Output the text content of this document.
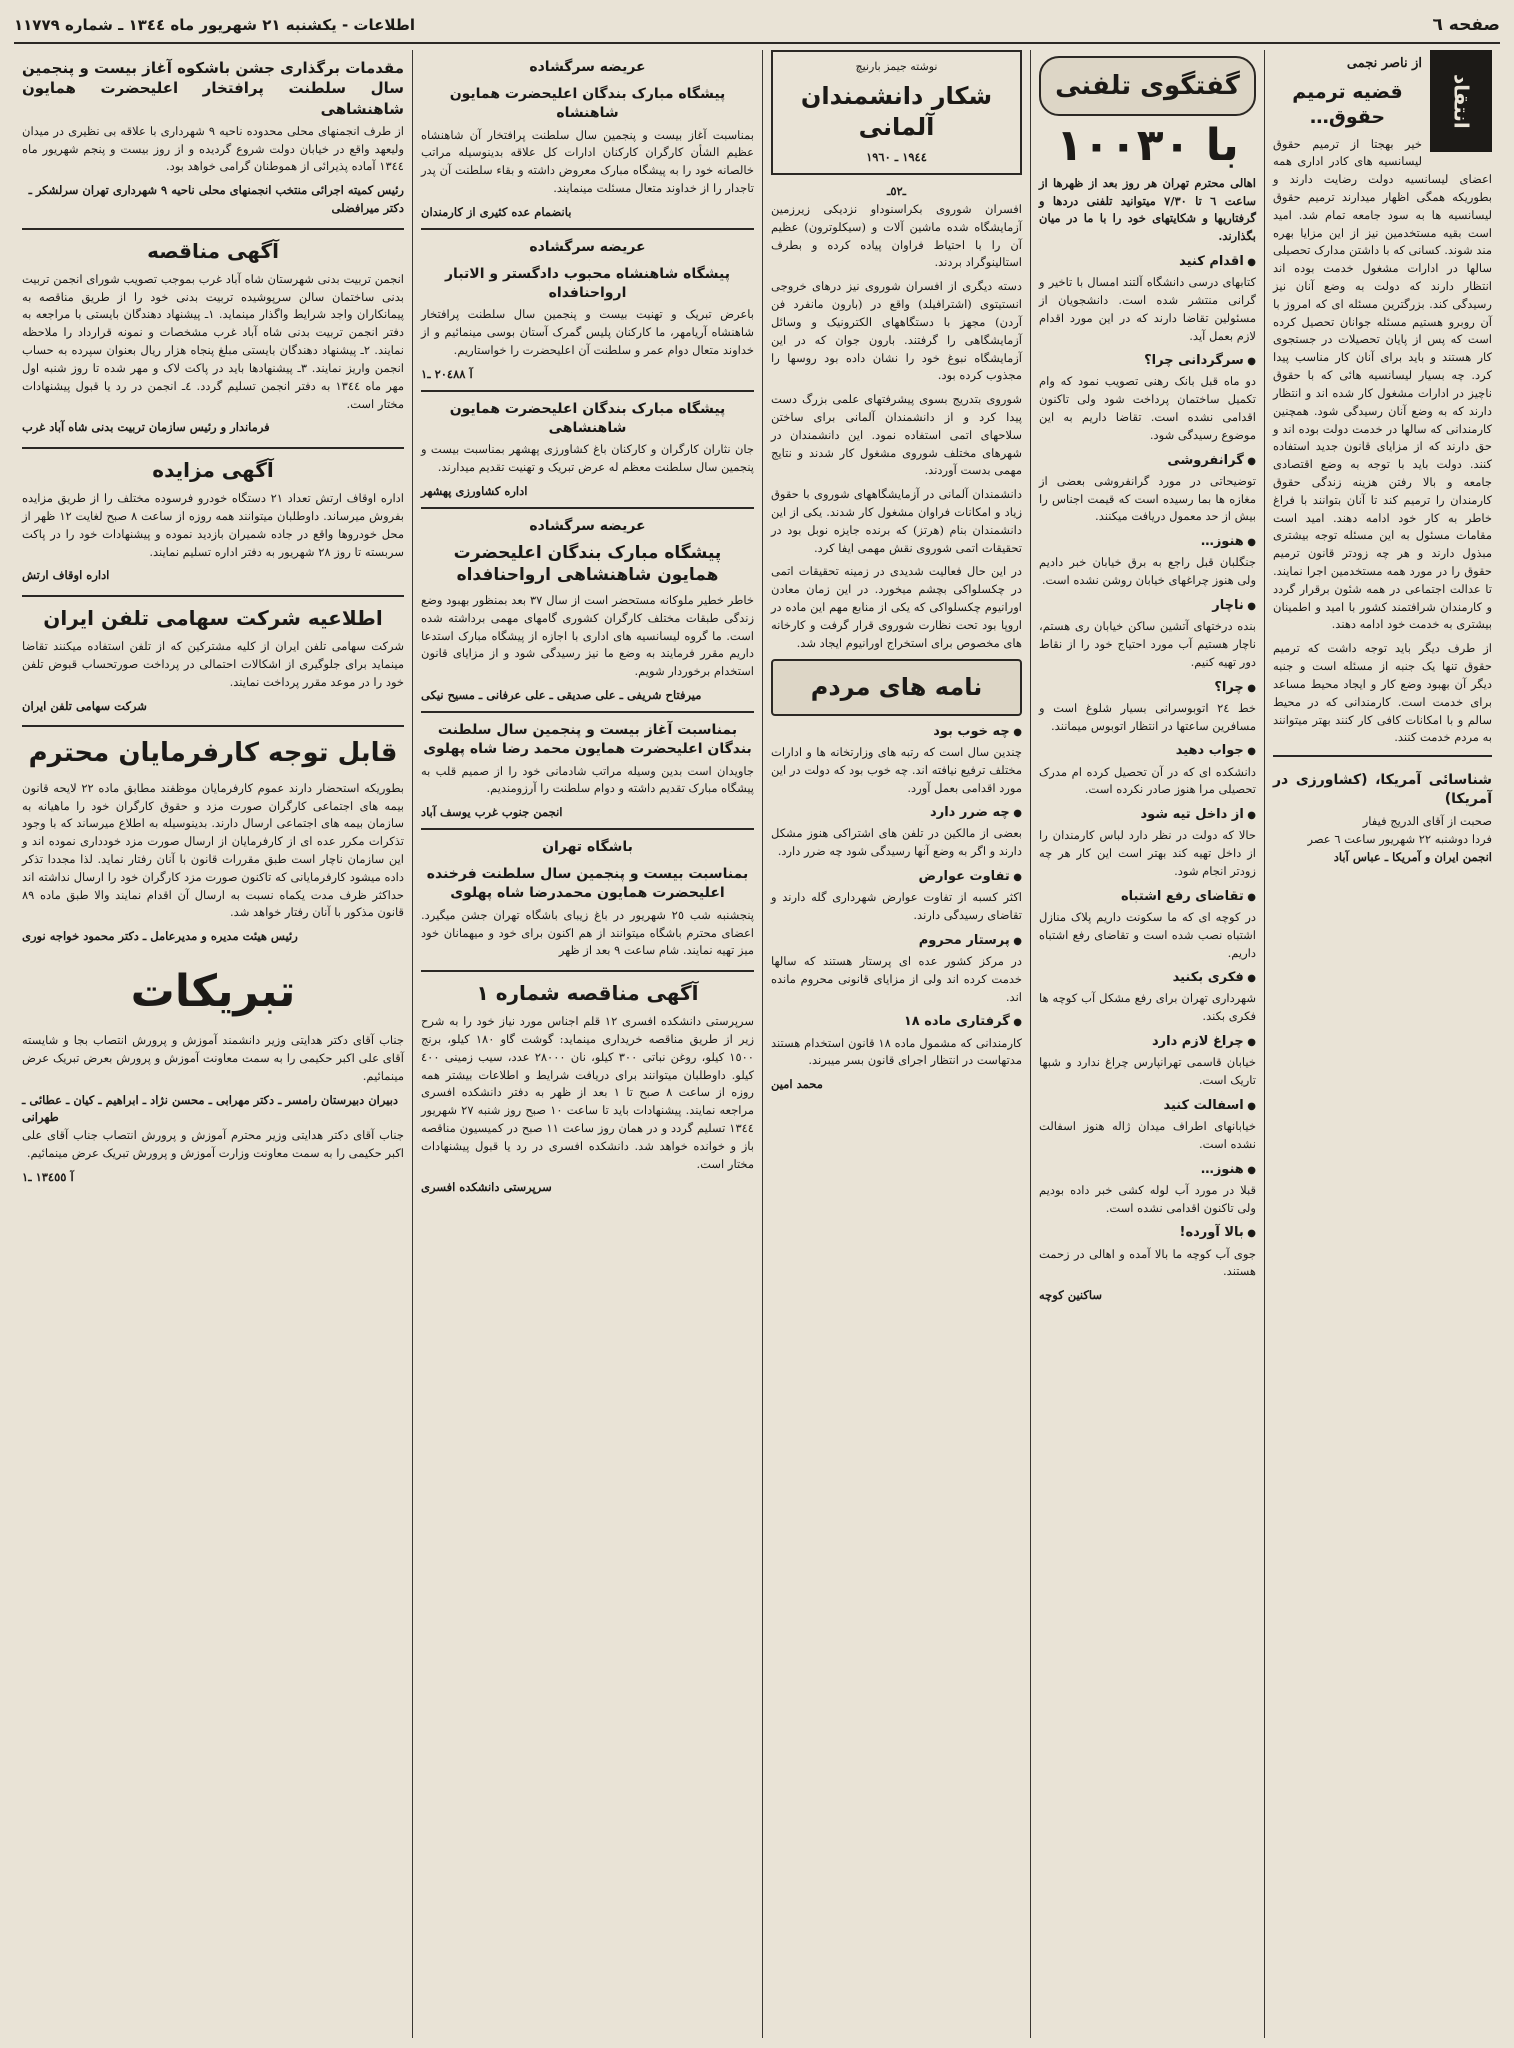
صفحه ٦
اطلاعات - یکشنبه ٢١ شهریور ماه ١٣٤٤ ـ شماره ١١٧٧٩
انتقاد
از ناصر نجمی
قضیه ترمیم حقوق…

خیر بهجتا از ترمیم حقوق لیسانسیه های کادر اداری همه اعضای لیسانسیه دولت رضایت دارند و بطوریکه همگی اظهار میدارند ترمیم حقوق لیسانسیه ها به سود جامعه تمام شد. امید است بقیه مستخدمین نیز از این مزایا بهره مند شوند. کسانی که با داشتن مدارک تحصیلی سالها در ادارات مشغول خدمت بوده اند انتظار دارند که دولت به وضع آنان نیز رسیدگی کند. بزرگترین مسئله ای که امروز با آن روبرو هستیم مسئله جوانان تحصیل کرده است که پس از پایان تحصیلات در جستجوی کار هستند و باید برای آنان کار مناسب پیدا کرد. چه بسیار لیسانسیه هائی که با حقوق ناچیز در ادارات مشغول کار شده اند و انتظار دارند که به وضع آنان رسیدگی شود. همچنین کارمندانی که سالها در خدمت دولت بوده اند و حق دارند که از مزایای قانون جدید استفاده کنند. دولت باید با توجه به وضع اقتصادی جامعه و بالا رفتن هزینه زندگی حقوق کارمندان را ترمیم کند تا آنان بتوانند با فراغ خاطر به کار خود ادامه دهند. امید است مقامات مسئول به این مسئله توجه بیشتری مبذول دارند و هر چه زودتر قانون ترمیم حقوق را در مورد همه مستخدمین اجرا نمایند. تا عدالت اجتماعی در همه شئون برقرار گردد و کارمندان شرافتمند کشور با امید و اطمینان بیشتری به خدمت خود ادامه دهند.

از طرف دیگر باید توجه داشت که ترمیم حقوق تنها یک جنبه از مسئله است و جنبه دیگر آن بهبود وضع کار و ایجاد محیط مساعد برای خدمت است. کارمندانی که در محیط سالم و با امکانات کافی کار کنند بهتر میتوانند به مردم خدمت کنند.

شناسائی آمریکا، (کشاورزی در آمریکا)
صحبت از آقای الدریج فیفار
فردا دوشنبه ٢٢ شهریور ساعت ٦ عصر
انجمن ایران و آمریکا ـ عباس آباد
گفتگوی تلفنی
با ١٠٠٣٠

اهالی محترم تهران هر روز بعد از ظهرها از ساعت ٦ تا ٧/٣٠ میتوانید تلفنی دردها و گرفتاریها و شکایتهای خود را با ما در میان بگذارند.

● اقدام کنید

کتابهای درسی دانشگاه آلتند امسال با تاخیر و گرانی منتشر شده است. دانشجویان از مسئولین تقاضا دارند که در این مورد اقدام لازم بعمل آید.

● سرگردانی چرا؟

دو ماه قبل بانک رهنی تصویب نمود که وام تکمیل ساختمان پرداخت شود ولی تاکنون اقدامی نشده است. تقاضا داریم به این موضوع رسیدگی شود.

● گرانفروشی

توضیحاتی در مورد گرانفروشی بعضی از مغازه ها بما رسیده است که قیمت اجناس را بیش از حد معمول دریافت میکنند.

● هنوز…

جنگلبان قبل راجع به برق خیابان خبر دادیم ولی هنوز چراغهای خیابان روشن نشده است.

● ناچار

بنده درختهای آتشین ساکن خیابان ری هستم، ناچار هستیم آب مورد احتیاج خود را از نقاط دور تهیه کنیم.

● چرا؟

خط ٢٤ اتوبوسرانی بسیار شلوغ است و مسافرین ساعتها در انتظار اتوبوس میمانند.

● جواب دهید

دانشکده ای که در آن تحصیل کرده ام مدرک تحصیلی مرا هنوز صادر نکرده است.

● از داخل تیه شود

حالا که دولت در نظر دارد لباس کارمندان را از داخل تهیه کند بهتر است این کار هر چه زودتر انجام شود.

● تقاضای رفع اشتباه

در کوچه ای که ما سکونت داریم پلاک منازل اشتباه نصب شده است و تقاضای رفع اشتباه داریم.

● فکری بکنید

شهرداری تهران برای رفع مشکل آب کوچه ها فکری بکند.

● چراغ لازم دارد

خیابان قاسمی تهرانپارس چراغ ندارد و شبها تاریک است.

● اسفالت کنید

خیابانهای اطراف میدان ژاله هنوز اسفالت نشده است.

● هنوز…

قبلا در مورد آب لوله کشی خبر داده بودیم ولی تاکنون اقدامی نشده است.

● بالا آورده!

جوی آب کوچه ما بالا آمده و اهالی در زحمت هستند.

ساکنین کوچه
نوشته جیمز بارنیچ
شکار دانشمندان آلمانی
١٩٤٤ ـ ١٩٦٠
ـ٥٢ـ

افسران شوروی بکراسنوداو نزدیکی زیرزمین آزمایشگاه شده ماشین آلات و (سیکلوترون) عظیم آن را با احتیاط فراوان پیاده کرده و بطرف استالینوگراد بردند.

دسته دیگری از افسران شوروی نیز درهای خروجی انستیتوی (اشترافیلد) واقع در (بارون مانفرد فن آردن) مجهز با دستگاههای الکترونیک و وسائل آزمایشگاهی را گرفتند. بارون جوان که در این آزمایشگاه نبوغ خود را نشان داده بود روسها را مجذوب کرده بود.

شوروی بتدریج بسوی پیشرفتهای علمی بزرگ دست پیدا کرد و از دانشمندان آلمانی برای ساختن سلاحهای اتمی استفاده نمود. این دانشمندان در شهرهای مختلف شوروی مشغول کار شدند و نتایج مهمی بدست آوردند.

دانشمندان آلمانی در آزمایشگاههای شوروی با حقوق زیاد و امکانات فراوان مشغول کار شدند. یکی از این دانشمندان بنام (هرتز) که برنده جایزه نوبل بود در تحقیقات اتمی شوروی نقش مهمی ایفا کرد.

در این حال فعالیت شدیدی در زمینه تحقیقات اتمی در چکسلواکی بچشم میخورد. در این زمان معادن اورانیوم چکسلواکی که یکی از منابع مهم این ماده در اروپا بود تحت نظارت شوروی قرار گرفت و کارخانه های مخصوص برای استخراج اورانیوم ایجاد شد.

نامه های مردم
● چه خوب بود

چندین سال است که رتبه های وزارتخانه ها و ادارات مختلف ترفیع نیافته اند. چه خوب بود که دولت در این مورد اقدامی بعمل آورد.

● چه ضرر دارد

بعضی از مالکین در تلفن های اشتراکی هنوز مشکل دارند و اگر به وضع آنها رسیدگی شود چه ضرر دارد.

● تفاوت عوارض

اکثر کسبه از تفاوت عوارض شهرداری گله دارند و تقاضای رسیدگی دارند.

● پرستار محروم

در مرکز کشور عده ای پرستار هستند که سالها خدمت کرده اند ولی از مزایای قانونی محروم مانده اند.

● گرفتاری ماده ١٨

کارمندانی که مشمول ماده ١٨ قانون استخدام هستند مدتهاست در انتظار اجرای قانون بسر میبرند.

محمد امین
عریضه سرگشاده
پیشگاه مبارک بندگان اعلیحضرت همایون شاهنشاه

بمناسبت آغاز بیست و پنجمین سال سلطنت پرافتخار آن شاهنشاه عظیم الشأن کارگران کارکنان ادارات کل علاقه بدینوسیله مراتب خالصانه خود را به پیشگاه مبارک معروض داشته و بقاء سلطنت آن پدر تاجدار را از خداوند متعال مسئلت مینمایند.

بانضمام عده کثیری از کارمندان
عریضه سرگشاده
پیشگاه شاهنشاه محبوب دادگستر و الاتبار ارواحنافداه

باعرض تبریک و تهنیت بیست و پنجمین سال سلطنت پرافتخار شاهنشاه آریامهر، ما کارکنان پلیس گمرک آستان بوسی مینمائیم و از خداوند متعال دوام عمر و سلطنت آن اعلیحضرت را خواستاریم.

آ ٢٠٤٨٨ ـ١
پیشگاه مبارک بندگان اعلیحضرت همایون شاهنشاهی

جان نثاران کارگران و کارکنان باغ کشاورزی پهشهر بمناسبت بیست و پنجمین سال سلطنت معظم له عرض تبریک و تهنیت تقدیم میدارند.

اداره کشاورزی پهشهر
عریضه سرگشاده
پیشگاه مبارک بندگان اعلیحضرت همایون شاهنشاهی ارواحنافداه

خاطر خطیر ملوکانه مستحضر است از سال ٣٧ بعد بمنظور بهبود وضع زندگی طبقات مختلف کارگران کشوری گامهای مهمی برداشته شده است. ما گروه لیسانسیه های اداری با اجازه از پیشگاه مبارک استدعا داریم مقرر فرمایند به وضع ما نیز رسیدگی شود و از مزایای قانون استخدام برخوردار شویم.

میرفتاح شریفی ـ علی صدیقی ـ علی عرفانی ـ مسیح نیکی
بمناسبت آغاز بیست و پنجمین سال سلطنت بندگان اعلیحضرت همایون محمد رضا شاه پهلوی

جاویدان است بدین وسیله مراتب شادمانی خود را از صمیم قلب به پیشگاه مبارک تقدیم داشته و دوام سلطنت را آرزومندیم.

انجمن جنوب غرب یوسف آباد
باشگاه تهران
بمناسبت بیست و پنجمین سال سلطنت فرخنده اعلیحضرت همایون محمدرضا شاه پهلوی

پنجشنبه شب ٢٥ شهریور در باغ زیبای باشگاه تهران جشن میگیرد. اعضای محترم باشگاه میتوانند از هم اکنون برای خود و میهمانان خود میز تهیه نمایند. شام ساعت ٩ بعد از ظهر

آگهی مناقصه شماره ١

سرپرستی دانشکده افسری ١٢ قلم اجناس مورد نیاز خود را به شرح زیر از طریق مناقصه خریداری مینماید: گوشت گاو ١٨٠ کیلو، برنج ١٥٠٠ کیلو، روغن نباتی ٣٠٠ کیلو، نان ٢٨٠٠٠ عدد، سیب زمینی ٤٠٠ کیلو. داوطلبان میتوانند برای دریافت شرایط و اطلاعات بیشتر همه روزه از ساعت ٨ صبح تا ١ بعد از ظهر به دفتر دانشکده افسری مراجعه نمایند. پیشنهادات باید تا ساعت ١٠ صبح روز شنبه ٢٧ شهریور ١٣٤٤ تسلیم گردد و در همان روز ساعت ١١ صبح در کمیسیون مناقصه باز و خوانده خواهد شد. دانشکده افسری در رد یا قبول پیشنهادات مختار است.

سرپرستی دانشکده افسری
مقدمات برگذاری جشن باشکوه آغاز بیست و پنجمین سال سلطنت پرافتخار اعلیحضرت همایون شاهنشاهی

از طرف انجمنهای محلی محدوده ناحیه ٩ شهرداری با علاقه بی نظیری در میدان ولیعهد واقع در خیابان دولت شروع گردیده و از روز بیست و پنجم شهریور ماه ١٣٤٤ آماده پذیرائی از هموطنان گرامی خواهد بود.

رئیس کمیته اجرائی منتخب انجمنهای محلی ناحیه ٩ شهرداری تهران سرلشکر ـ دکتر میرافضلی
آگهی مناقصه

انجمن تربیت بدنی شهرستان شاه آباد غرب بموجب تصویب شورای انجمن تربیت بدنی ساختمان سالن سرپوشیده تربیت بدنی خود را از طریق مناقصه به پیمانکاران واجد شرایط واگذار مینماید. ١ـ پیشنهاد دهندگان بایستی با مراجعه به دفتر انجمن تربیت بدنی شاه آباد غرب مشخصات و نمونه قرارداد را ملاحظه نمایند. ٢ـ پیشنهاد دهندگان بایستی مبلغ پنجاه هزار ریال بعنوان سپرده به حساب انجمن واریز نمایند. ٣ـ پیشنهادها باید در پاکت لاک و مهر شده تا روز شنبه اول مهر ماه ١٣٤٤ به دفتر انجمن تسلیم گردد. ٤ـ انجمن در رد یا قبول پیشنهادات مختار است.

فرماندار و رئیس سازمان تربیت بدنی شاه آباد غرب
آگهی مزایده

اداره اوقاف ارتش تعداد ٢١ دستگاه خودرو فرسوده مختلف را از طریق مزایده بفروش میرساند. داوطلبان میتوانند همه روزه از ساعت ٨ صبح لغایت ١٢ ظهر از محل خودروها واقع در جاده شمیران بازدید نموده و پیشنهادات خود را در پاکت سربسته تا روز ٢٨ شهریور به دفتر اداره تسلیم نمایند.

اداره اوقاف ارتش
اطلاعیه شرکت سهامی تلفن ایران

شرکت سهامی تلفن ایران از کلیه مشترکین که از تلفن استفاده میکنند تقاضا مینماید برای جلوگیری از اشکالات احتمالی در پرداخت صورتحساب قبوض تلفن خود را در موعد مقرر پرداخت نمایند.

شرکت سهامی تلفن ایران
قابل توجه کارفرمایان محترم

بطوریکه استحضار دارند عموم کارفرمایان موظفند مطابق ماده ٢٢ لایحه قانون بیمه های اجتماعی کارگران صورت مزد و حقوق کارگران خود را ماهیانه به سازمان بیمه های اجتماعی ارسال دارند. بدینوسیله به اطلاع میرساند که با وجود تذکرات مکرر عده ای از کارفرمایان از ارسال صورت مزد خودداری نموده اند و این سازمان ناچار است طبق مقررات قانون با آنان رفتار نماید. لذا مجددا تذکر داده میشود کارفرمایانی که تاکنون صورت مزد کارگران خود را ارسال نداشته اند حداکثر ظرف مدت یکماه نسبت به ارسال آن اقدام نمایند والا طبق ماده ٨٩ قانون مذکور با آنان رفتار خواهد شد.

رئیس هیئت مدیره و مدیرعامل ـ دکتر محمود خواجه نوری
تبریکات

جناب آقای دکتر هدایتی وزیر دانشمند آموزش و پرورش انتصاب بجا و شایسته آقای علی اکبر حکیمی را به سمت معاونت آموزش و پرورش بعرض تبریک عرض مینمائیم.

دبیران دبیرستان رامسر ـ دکتر مهرابی ـ محسن نژاد ـ ابراهیم ـ کیان ـ عطائی ـ طهرانی

جناب آقای دکتر هدایتی وزیر محترم آموزش و پرورش انتصاب جناب آقای علی اکبر حکیمی را به سمت معاونت وزارت آموزش و پرورش تبریک عرض مینمائیم.

آ ١٣٤٥٥ ـ١
